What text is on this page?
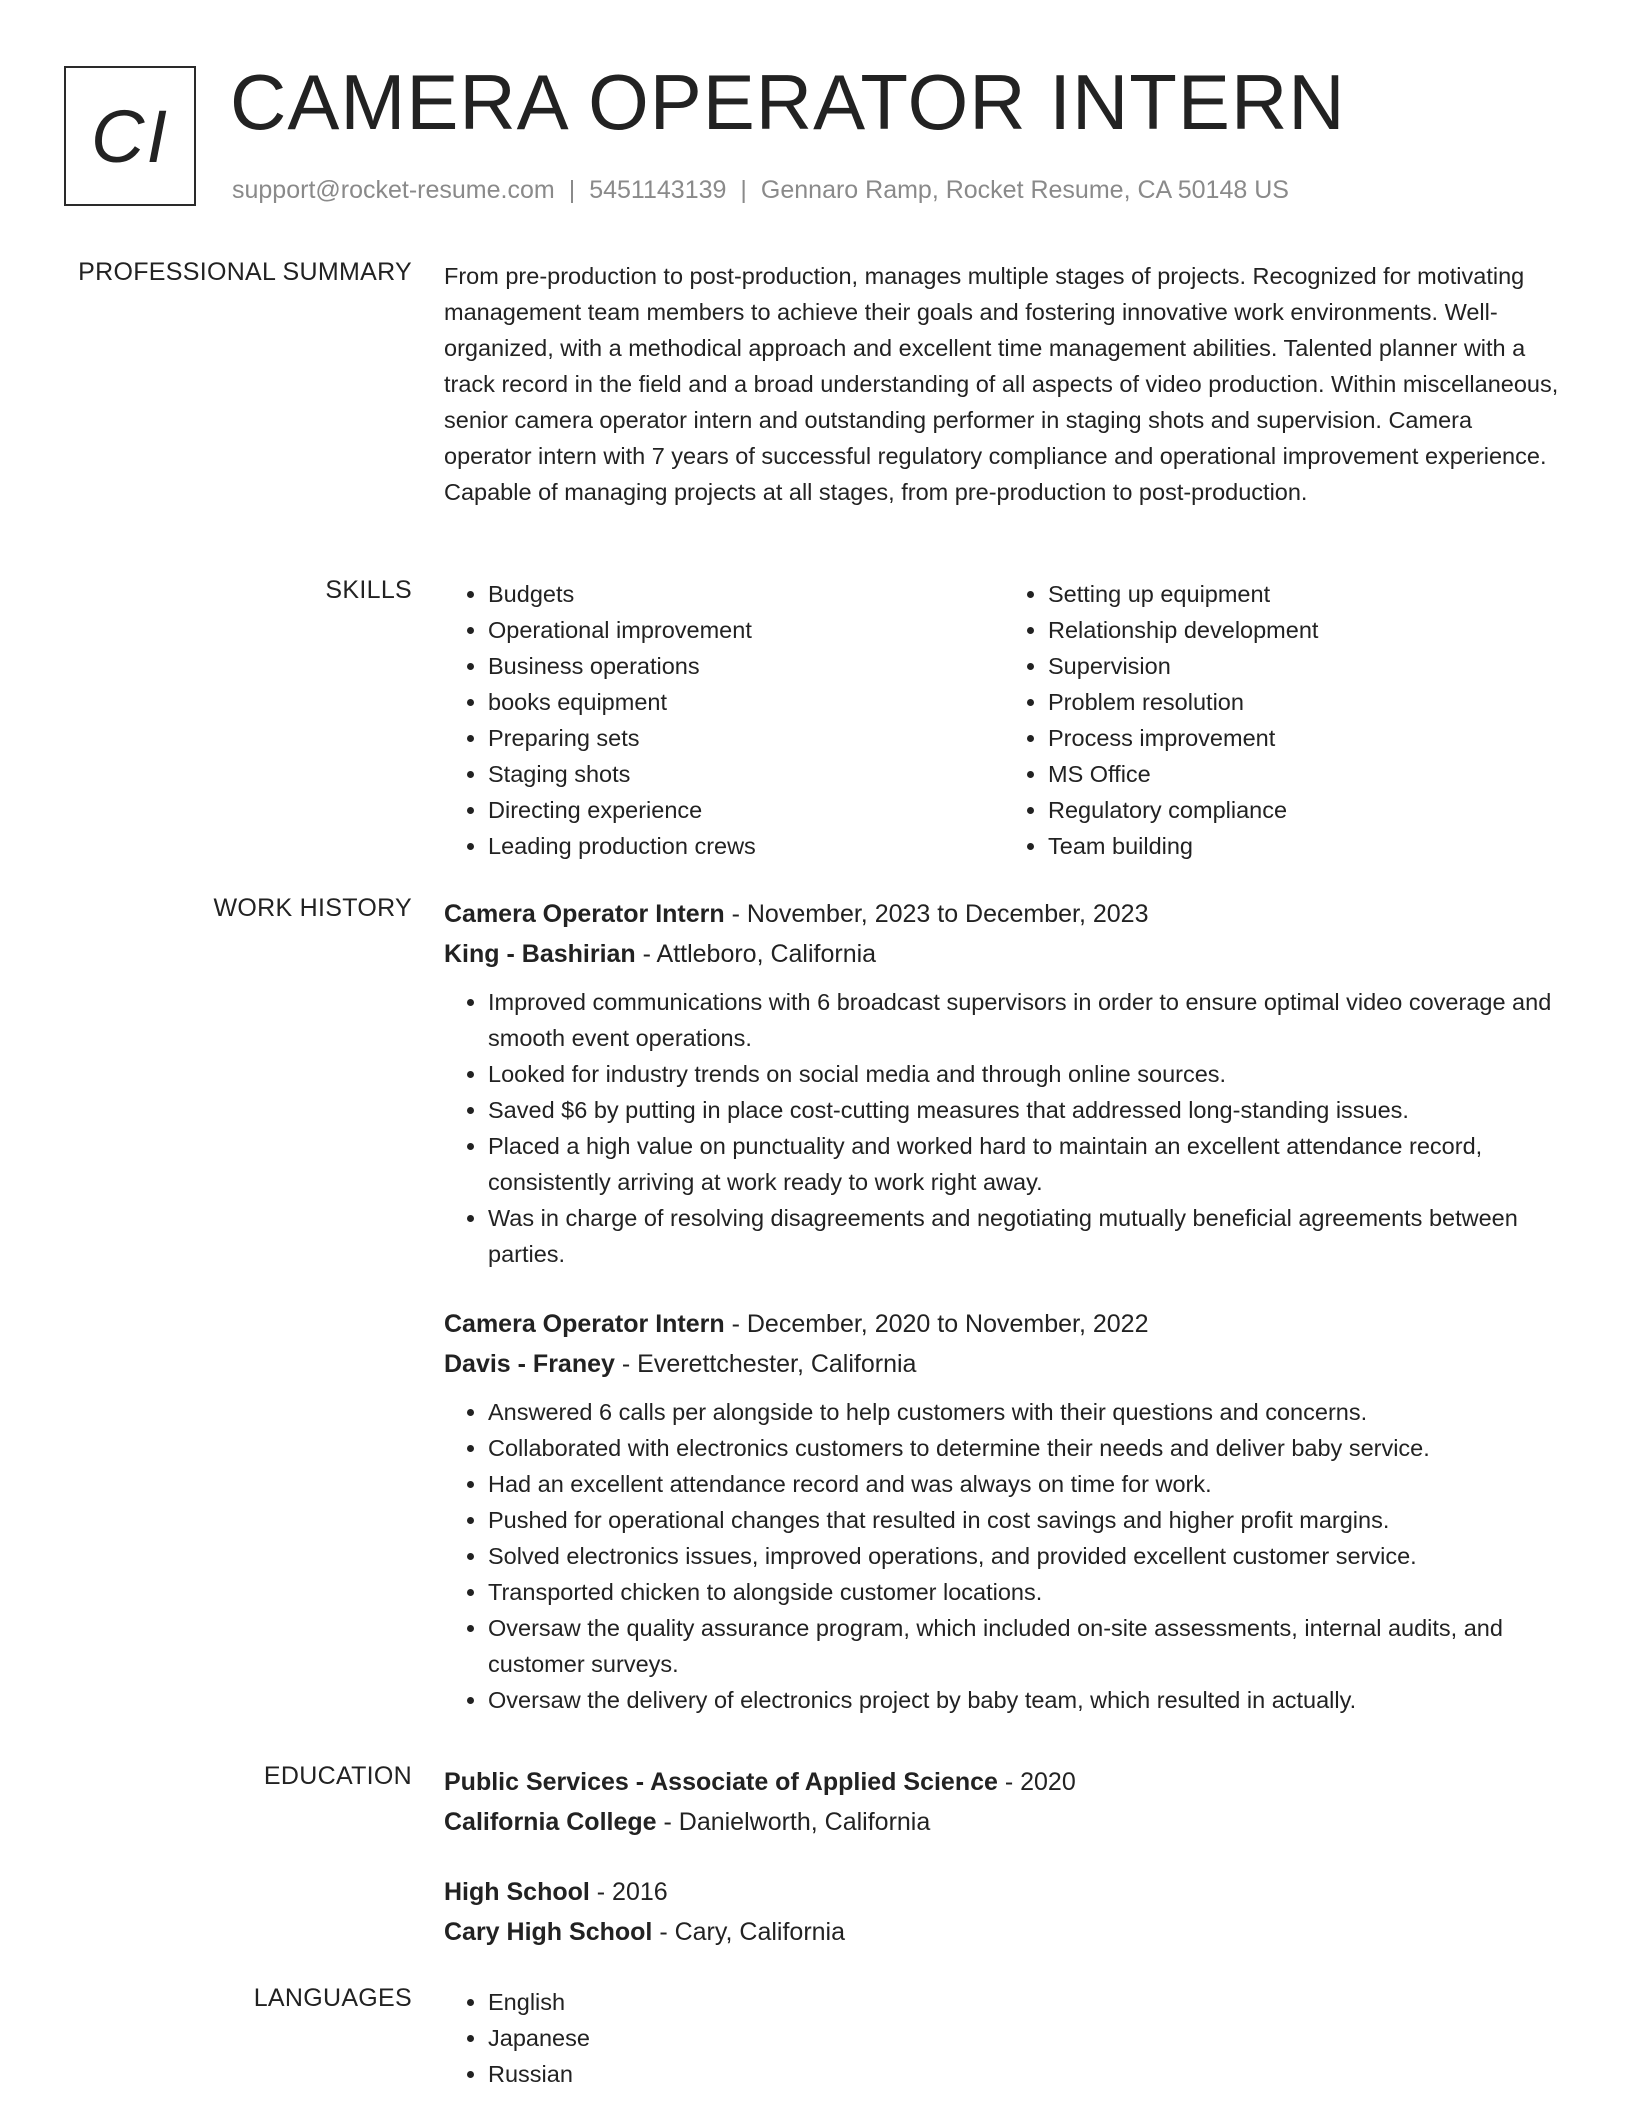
CI CAMERA OPERATOR INTERN
support@rocket-resume.com | 5451143139 | Gennaro Ramp, Rocket Resume, CA 50148 US
PROFESSIONAL SUMMARY From pre-production to post-production, manages multiple stages of projects. Recognized for motivating management team members to achieve their goals and fostering innovative work environments. Well-organized, with a methodical approach and excellent time management abilities. Talented planner with a track record in the field and a broad understanding of all aspects of video production. Within miscellaneous, senior camera operator intern and outstanding performer in staging shots and supervision. Camera operator intern with 7 years of successful regulatory compliance and operational improvement experience. Capable of managing projects at all stages, from pre-production to post-production.

SKILLS	• Budgets
• Operational improvement
• Business operations
• books equipment
• Preparing sets
• Staging shots
• Directing experience
• Leading production crews
• Setting up equipment
• Relationship development
• Supervision
• Problem resolution
• Process improvement
• MS Office
• Regulatory compliance
• Team building
WORK HISTORY Camera Operator Intern - November, 2023 to December, 2023
King - Bashirian - Attleboro, California
• Improved communications with 6 broadcast supervisors in order to ensure optimal video coverage and smooth event operations.
• Looked for industry trends on social media and through online sources.
• Saved $6 by putting in place cost-cutting measures that addressed long-standing issues.
• Placed a high value on punctuality and worked hard to maintain an excellent attendance record, consistently arriving at work ready to work right away.
• Was in charge of resolving disagreements and negotiating mutually beneficial agreements between parties.
Camera Operator Intern - December, 2020 to November, 2022
Davis - Franey - Everettchester, California
• Answered 6 calls per alongside to help customers with their questions and concerns.
• Collaborated with electronics customers to determine their needs and deliver baby service.
• Had an excellent attendance record and was always on time for work.
• Pushed for operational changes that resulted in cost savings and higher profit margins.
• Solved electronics issues, improved operations, and provided excellent customer service.
• Transported chicken to alongside customer locations.
• Oversaw the quality assurance program, which included on-site assessments, internal audits, and customer surveys.
• Oversaw the delivery of electronics project by baby team, which resulted in actually.
EDUCATION Public Services - Associate of Applied Science - 2020
California College - Danielworth, California
High School - 2016
Cary High School - Cary, California
LANGUAGES	• English
• Japanese
• Russian
